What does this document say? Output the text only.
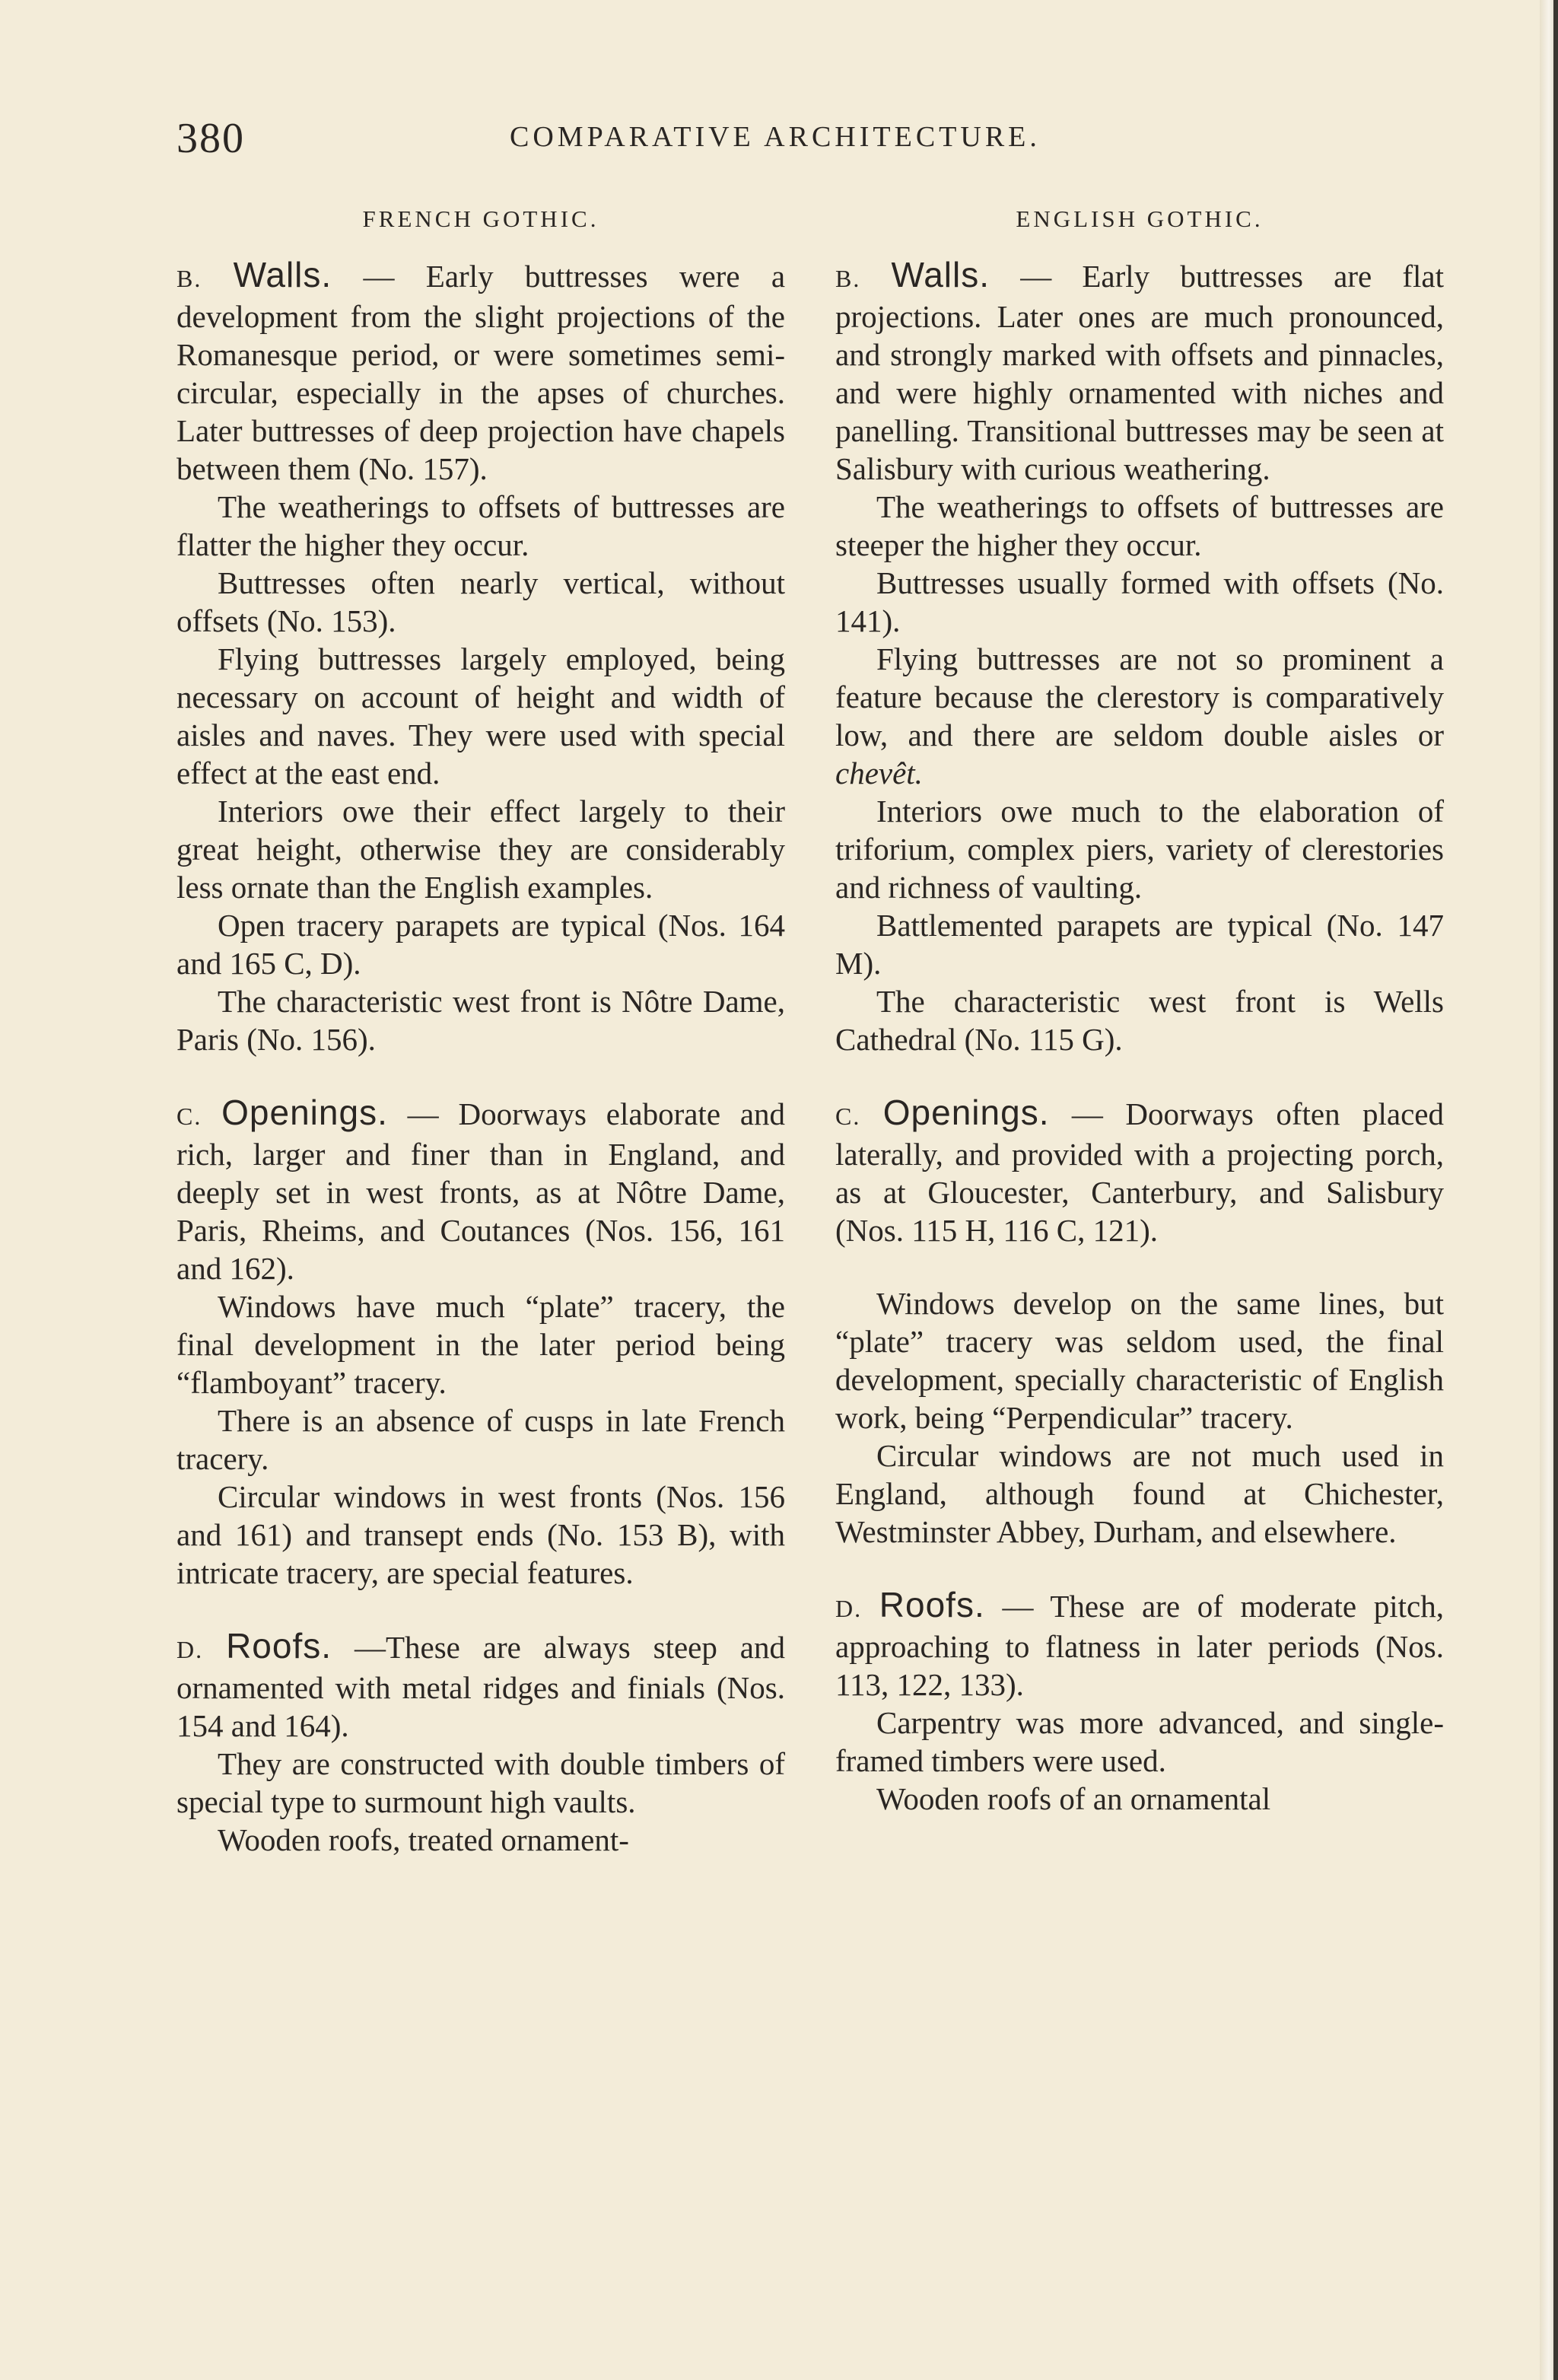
380	COMPARATIVE ARCHITECTURE.
FRENCH GOTHIC.

B. Walls. — Early buttresses were a development from the slight projections of the Romanesque period, or were sometimes semi-circular, especially in the apses of churches. Later buttresses of deep projection have chapels between them (No. 157).

The weatherings to offsets of buttresses are flatter the higher they occur.

Buttresses often nearly vertical, without offsets (No. 153).

Flying buttresses largely employed, being necessary on account of height and width of aisles and naves. They were used with special effect at the east end.

Interiors owe their effect largely to their great height, otherwise they are considerably less ornate than the English examples.

Open tracery parapets are typical (Nos. 164 and 165 C, D).

The characteristic west front is Nôtre Dame, Paris (No. 156).

C. Openings. — Doorways elaborate and rich, larger and finer than in England, and deeply set in west fronts, as at Nôtre Dame, Paris, Rheims, and Coutances (Nos. 156, 161 and 162).

Windows have much “plate” tracery, the final development in the later period being “flamboyant” tracery.

There is an absence of cusps in late French tracery.

Circular windows in west fronts (Nos. 156 and 161) and transept ends (No. 153 B), with intricate tracery, are special features.

D. Roofs. —These are always steep and ornamented with metal ridges and finials (Nos. 154 and 164).

They are constructed with double timbers of special type to surmount high vaults.

Wooden roofs, treated ornament-

ENGLISH GOTHIC.

B. Walls. — Early buttresses are flat projections. Later ones are much pronounced, and strongly marked with offsets and pinnacles, and were highly ornamented with niches and panelling. Transitional buttresses may be seen at Salisbury with curious weathering.

The weatherings to offsets of buttresses are steeper the higher they occur.

Buttresses usually formed with offsets (No. 141).

Flying buttresses are not so prominent a feature because the clerestory is comparatively low, and there are seldom double aisles or chevêt.

Interiors owe much to the elaboration of triforium, complex piers, variety of clerestories and richness of vaulting.

Battlemented parapets are typical (No. 147 M).

The characteristic west front is Wells Cathedral (No. 115 G).

C. Openings. — Doorways often placed laterally, and provided with a projecting porch, as at Gloucester, Canterbury, and Salisbury (Nos. 115 H, 116 C, 121).

Windows develop on the same lines, but “plate” tracery was seldom used, the final development, specially characteristic of English work, being “Perpendicular” tracery.

Circular windows are not much used in England, although found at Chichester, Westminster Abbey, Durham, and elsewhere.

D. Roofs. — These are of moderate pitch, approaching to flatness in later periods (Nos. 113, 122, 133).

Carpentry was more advanced, and single-framed timbers were used.

Wooden roofs of an ornamental
